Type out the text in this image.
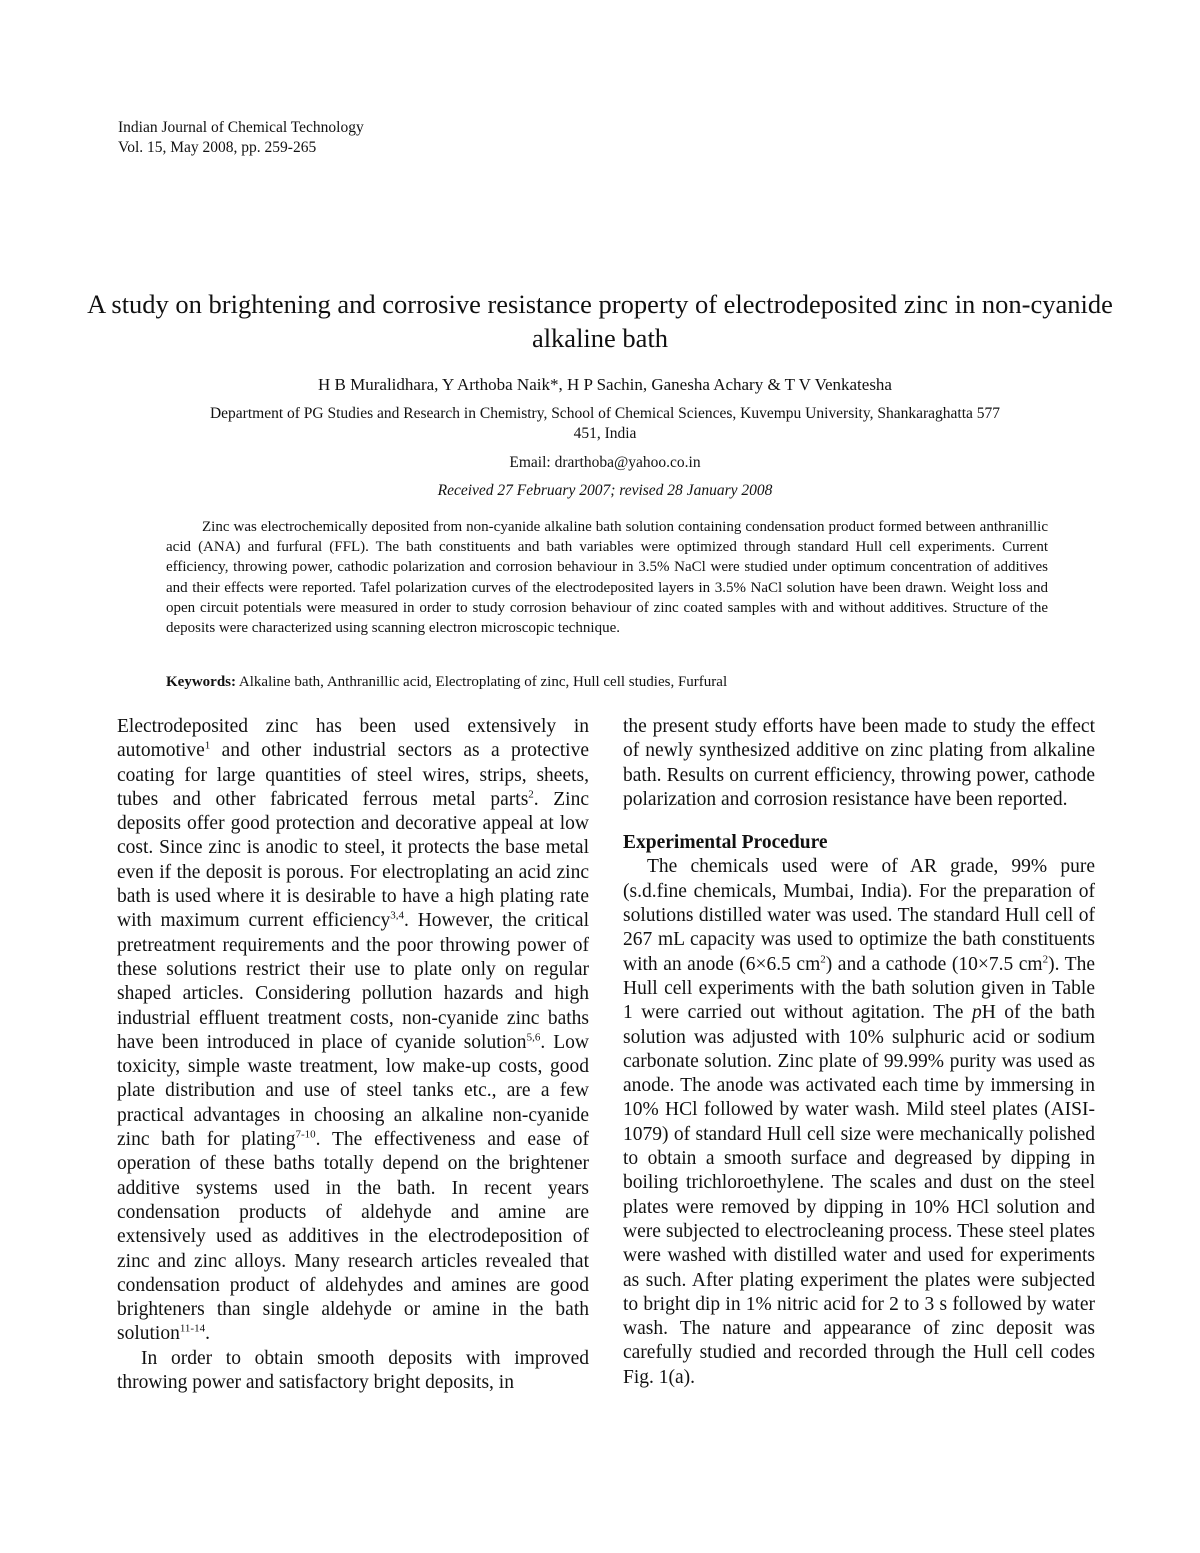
Indian Journal of Chemical Technology
Vol. 15, May 2008, pp. 259-265
A study on brightening and corrosive resistance property of electrodeposited zinc in non-cyanide alkaline bath
H B Muralidhara, Y Arthoba Naik*, H P Sachin, Ganesha Achary & T V Venkatesha
Department of PG Studies and Research in Chemistry, School of Chemical Sciences, Kuvempu University, Shankaraghatta 577 451, India
Email: drarthoba@yahoo.co.in
Received 27 February 2007; revised 28 January 2008

Zinc was electrochemically deposited from non-cyanide alkaline bath solution containing condensation product formed between anthranillic acid (ANA) and furfural (FFL). The bath constituents and bath variables were optimized through standard Hull cell experiments. Current efficiency, throwing power, cathodic polarization and corrosion behaviour in 3.5% NaCl were studied under optimum concentration of additives and their effects were reported. Tafel polarization curves of the electrodeposited layers in 3.5% NaCl solution have been drawn. Weight loss and open circuit potentials were measured in order to study corrosion behaviour of zinc coated samples with and without additives. Structure of the deposits were characterized using scanning electron microscopic technique.

Keywords: Alkaline bath, Anthranillic acid, Electroplating of zinc, Hull cell studies, Furfural

Electrodeposited zinc has been used extensively in automotive$^1$ and other industrial sectors as a protective coating for large quantities of steel wires, strips, sheets, tubes and other fabricated ferrous metal parts$^2$. Zinc deposits offer good protection and decorative appeal at low cost. Since zinc is anodic to steel, it protects the base metal even if the deposit is porous. For electroplating an acid zinc bath is used where it is desirable to have a high plating rate with maximum current efficiency$^{3,4}$. However, the critical pretreatment requirements and the poor throwing power of these solutions restrict their use to plate only on regular shaped articles. Considering pollution hazards and high industrial effluent treatment costs, non-cyanide zinc baths have been introduced in place of cyanide solution$^{5,6}$. Low toxicity, simple waste treatment, low make-up costs, good plate distribution and use of steel tanks etc., are a few practical advantages in choosing an alkaline non-cyanide zinc bath for plating$^{7-10}$. The effectiveness and ease of operation of these baths totally depend on the brightener additive systems used in the bath. In recent years condensation products of aldehyde and amine are extensively used as additives in the electrodeposition of zinc and zinc alloys. Many research articles revealed that condensation product of aldehydes and amines are good brighteners than single aldehyde or amine in the bath solution$^{11-14}$.

In order to obtain smooth deposits with improved throwing power and satisfactory bright deposits, in

the present study efforts have been made to study the effect of newly synthesized additive on zinc plating from alkaline bath. Results on current efficiency, throwing power, cathode polarization and corrosion resistance have been reported.

Experimental Procedure

The chemicals used were of AR grade, 99% pure (s.d.fine chemicals, Mumbai, India). For the preparation of solutions distilled water was used. The standard Hull cell of 267 mL capacity was used to optimize the bath constituents with an anode (6×6.5 $cm^2$) and a cathode (10×7.5 $cm^2$). The Hull cell experiments with the bath solution given in Table 1 were carried out without agitation. The pH of the bath solution was adjusted with 10% sulphuric acid or sodium carbonate solution. Zinc plate of 99.99% purity was used as anode. The anode was activated each time by immersing in 10% HCl followed by water wash. Mild steel plates (AISI-1079) of standard Hull cell size were mechanically polished to obtain a smooth surface and degreased by dipping in boiling trichloroethylene. The scales and dust on the steel plates were removed by dipping in 10% HCl solution and were subjected to electrocleaning process. These steel plates were washed with distilled water and used for experiments as such. After plating experiment the plates were subjected to bright dip in 1% nitric acid for 2 to 3 s followed by water wash. The nature and appearance of zinc deposit was carefully studied and recorded through the Hull cell codes Fig. 1(a).
